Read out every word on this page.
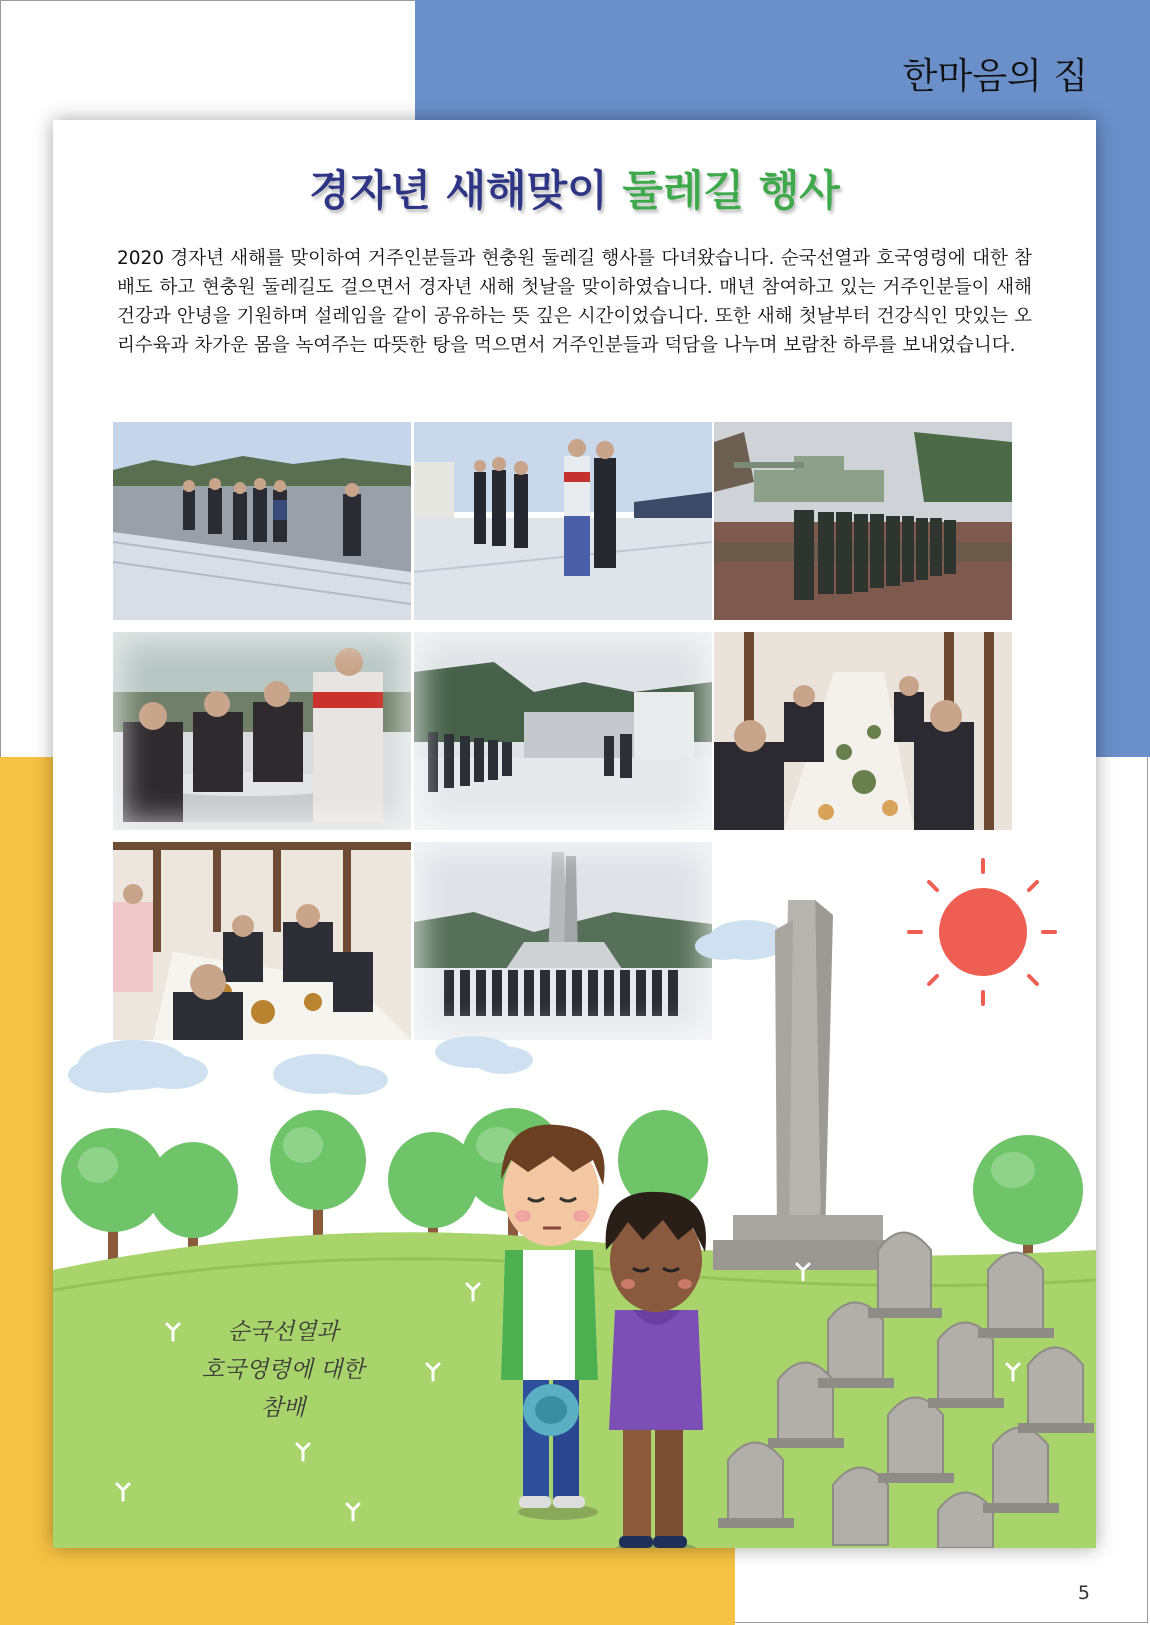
한마음의 집
경자년 새해맞이 둘레길 행사

2020 경자년 새해를 맞이하여 거주인분들과 현충원 둘레길 행사를 다녀왔습니다. 순국선열과 호국영령에 대한 참배도 하고 현충원 둘레길도 걸으면서 경자년 새해 첫날을 맞이하였습니다. 매년 참여하고 있는 거주인분들이 새해 건강과 안녕을 기원하며 설레임을 같이 공유하는 뜻 깊은 시간이었습니다. 또한 새해 첫날부터 건강식인 맛있는 오리수육과 차가운 몸을 녹여주는 따뜻한 탕을 먹으면서 거주인분들과 덕담을 나누며 보람찬 하루를 보내었습니다.

순국선열과
호국영령에 대한
참배

5
